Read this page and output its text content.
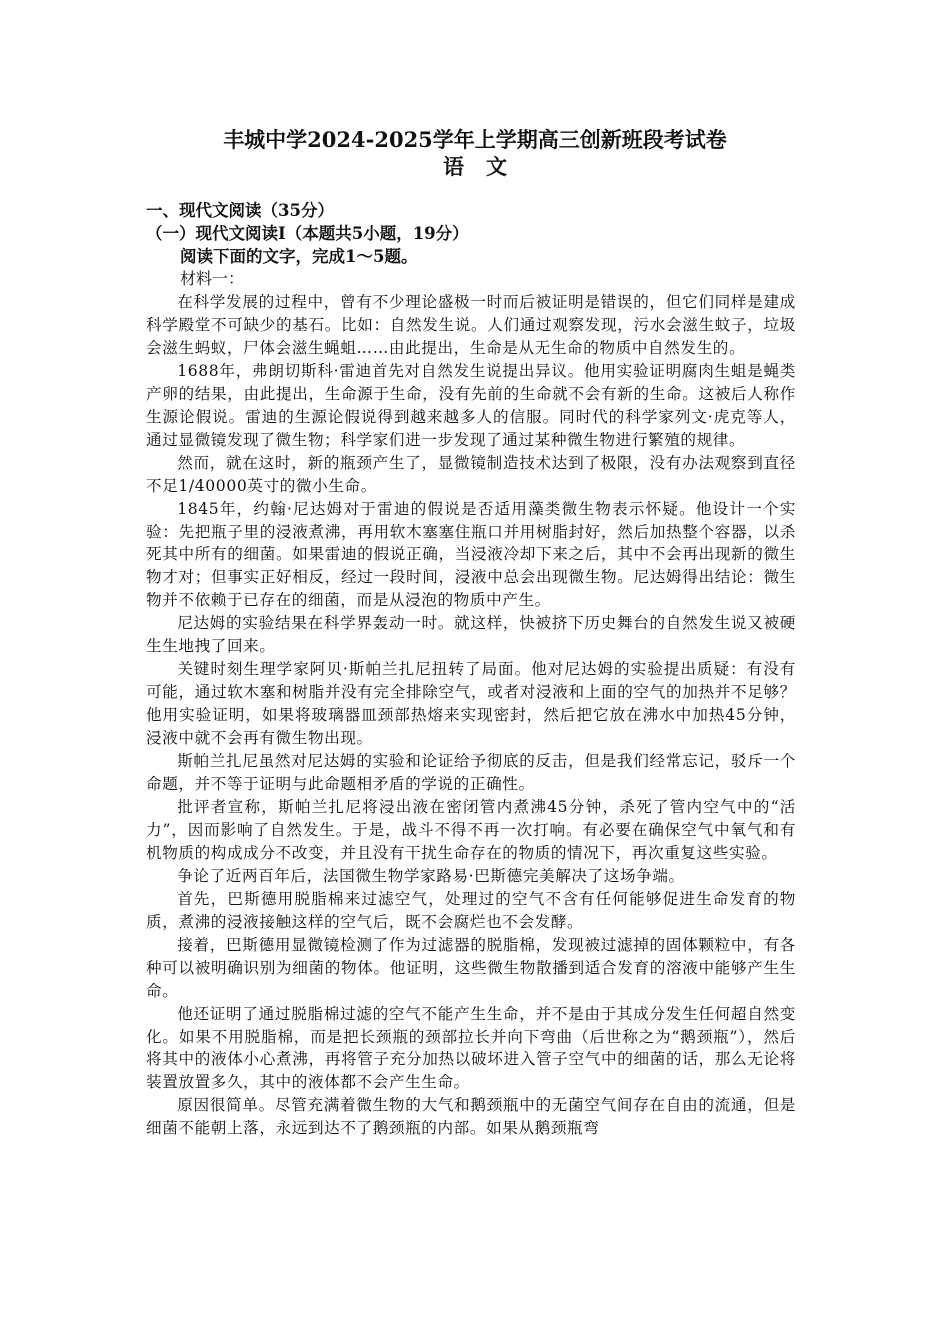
丰城中学2024-2025学年上学期高三创新班段考试卷
语文
一、现代文阅读（35分）
（一）现代文阅读Ⅰ（本题共5小题，19分）
阅读下面的文字，完成1～5题。
材料一：

在科学发展的过程中，曾有不少理论盛极一时而后被证明是错误的，但它们同样是建成科学殿堂不可缺少的基石。比如：自然发生说。人们通过观察发现，污水会滋生蚊子，垃圾会滋生蚂蚁，尸体会滋生蝇蛆……由此提出，生命是从无生命的物质中自然发生的。

1688年，弗朗切斯科·雷迪首先对自然发生说提出异议。他用实验证明腐肉生蛆是蝇类产卵的结果，由此提出，生命源于生命，没有先前的生命就不会有新的生命。这被后人称作生源论假说。雷迪的生源论假说得到越来越多人的信服。同时代的科学家列文·虎克等人，通过显微镜发现了微生物；科学家们进一步发现了通过某种微生物进行繁殖的规律。

然而，就在这时，新的瓶颈产生了，显微镜制造技术达到了极限，没有办法观察到直径不足1/40000英寸的微小生命。

1845年，约翰·尼达姆对于雷迪的假说是否适用藻类微生物表示怀疑。他设计一个实验：先把瓶子里的浸液煮沸，再用软木塞塞住瓶口并用树脂封好，然后加热整个容器，以杀死其中所有的细菌。如果雷迪的假说正确，当浸液冷却下来之后，其中不会再出现新的微生物才对；但事实正好相反，经过一段时间，浸液中总会出现微生物。尼达姆得出结论：微生物并不依赖于已存在的细菌，而是从浸泡的物质中产生。

尼达姆的实验结果在科学界轰动一时。就这样，快被挤下历史舞台的自然发生说又被硬生生地拽了回来。

关键时刻生理学家阿贝·斯帕兰扎尼扭转了局面。他对尼达姆的实验提出质疑：有没有可能，通过软木塞和树脂并没有完全排除空气，或者对浸液和上面的空气的加热并不足够？他用实验证明，如果将玻璃器皿颈部热熔来实现密封，然后把它放在沸水中加热45分钟，浸液中就不会再有微生物出现。

斯帕兰扎尼虽然对尼达姆的实验和论证给予彻底的反击，但是我们经常忘记，驳斥一个命题，并不等于证明与此命题相矛盾的学说的正确性。

批评者宣称，斯帕兰扎尼将浸出液在密闭管内煮沸45分钟，杀死了管内空气中的“活力”，因而影响了自然发生。于是，战斗不得不再一次打响。有必要在确保空气中氧气和有机物质的构成成分不改变，并且没有干扰生命存在的物质的情况下，再次重复这些实验。

争论了近两百年后，法国微生物学家路易·巴斯德完美解决了这场争端。

首先，巴斯德用脱脂棉来过滤空气，处理过的空气不含有任何能够促进生命发育的物质，煮沸的浸液接触这样的空气后，既不会腐烂也不会发酵。

接着，巴斯德用显微镜检测了作为过滤器的脱脂棉，发现被过滤掉的固体颗粒中，有各种可以被明确识别为细菌的物体。他证明，这些微生物散播到适合发育的溶液中能够产生生命。

他还证明了通过脱脂棉过滤的空气不能产生生命，并不是由于其成分发生任何超自然变化。如果不用脱脂棉，而是把长颈瓶的颈部拉长并向下弯曲（后世称之为“鹅颈瓶”），然后将其中的液体小心煮沸，再将管子充分加热以破坏进入管子空气中的细菌的话，那么无论将装置放置多久，其中的液体都不会产生生命。

原因很简单。尽管充满着微生物的大气和鹅颈瓶中的无菌空气间存在自由的流通，但是细菌不能朝上落，永远到达不了鹅颈瓶的内部。如果从鹅颈瓶弯
